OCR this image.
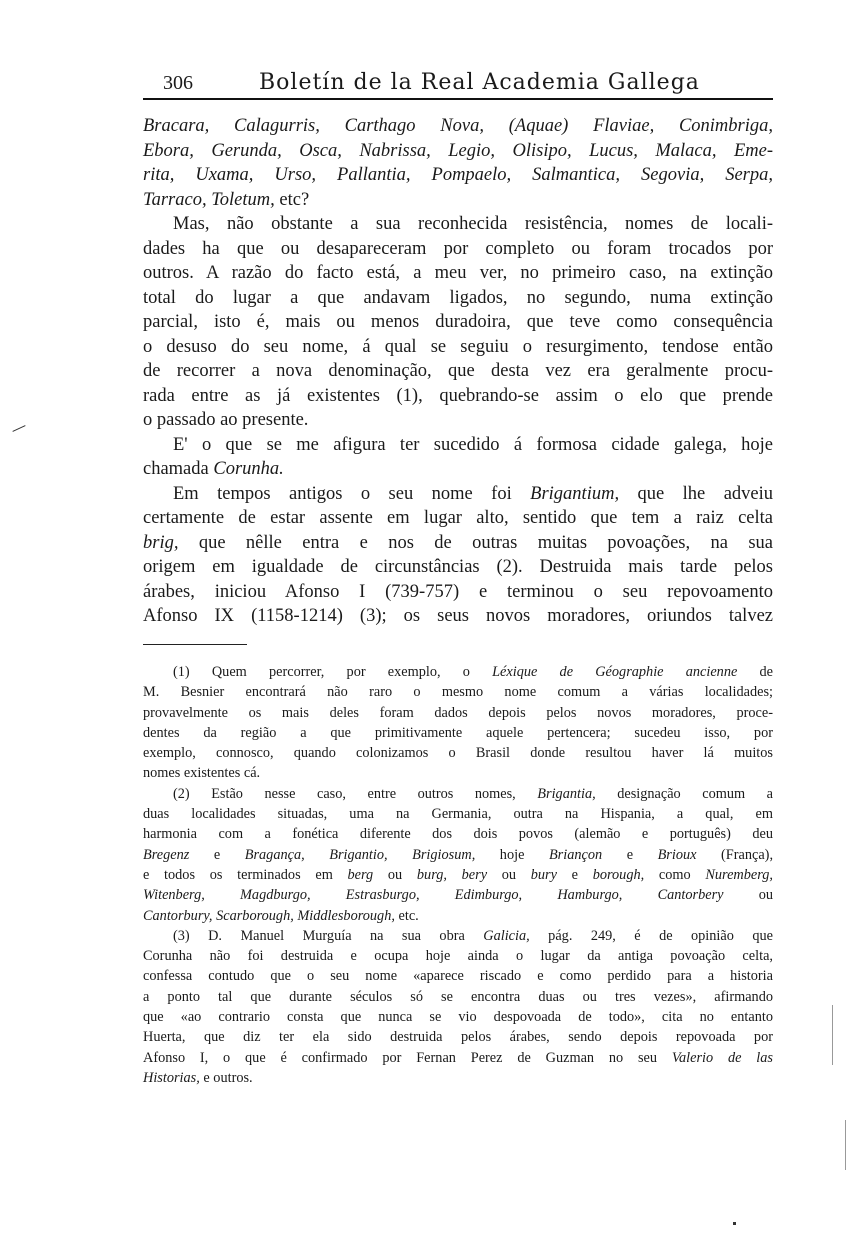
306	Boletín de la Real Academia Gallega
Bracara, Calagurris, Carthago Nova, (Aquae) Flaviae, Conimbriga,
Ebora, Gerunda, Osca, Nabrissa, Legio, Olisipo, Lucus, Malaca, Eme-
rita, Uxama, Urso, Pallantia, Pompaelo, Salmantica, Segovia, Serpa,
Tarraco, Toletum, etc?
Mas, não obstante a sua reconhecida resistência, nomes de locali-
dades ha que ou desapareceram por completo ou foram trocados por
outros. A razão do facto está, a meu ver, no primeiro caso, na extinção
total do lugar a que andavam ligados, no segundo, numa extinção
parcial, isto é, mais ou menos duradoira, que teve como consequência
o desuso do seu nome, á qual se seguiu o resurgimento, tendose então
de recorrer a nova denominação, que desta vez era geralmente procu-
rada entre as já existentes (1), quebrando-se assim o elo que prende
o passado ao presente.
E' o que se me afigura ter sucedido á formosa cidade galega, hoje
chamada Corunha.
Em tempos antigos o seu nome foi Brigantium, que lhe adveiu
certamente de estar assente em lugar alto, sentido que tem a raiz celta
brig, que nêlle entra e nos de outras muitas povoações, na sua
origem em igualdade de circunstâncias (2). Destruida mais tarde pelos
árabes, iniciou Afonso I (739-757) e terminou o seu repovoamento
Afonso IX (1158-1214) (3); os seus novos moradores, oriundos talvez
(1) Quem percorrer, por exemplo, o Léxique de Géographie ancienne de
M. Besnier encontrará não raro o mesmo nome comum a várias localidades;
provavelmente os mais deles foram dados depois pelos novos moradores, proce-
dentes da região a que primitivamente aquele pertencera; sucedeu isso, por
exemplo, connosco, quando colonizamos o Brasil donde resultou haver lá muitos
nomes existentes cá.
(2) Estão nesse caso, entre outros nomes, Brigantia, designação comum a
duas localidades situadas, uma na Germania, outra na Hispania, a qual, em
harmonia com a fonética diferente dos dois povos (alemão e português) deu
Bregenz e Bragança, Brigantio, Brigiosum, hoje Briançon e Brioux (França),
e todos os terminados em berg ou burg, bery ou bury e borough, como Nuremberg,
Witenberg, Magdburgo, Estrasburgo, Edimburgo, Hamburgo, Cantorbery ou
Cantorbury, Scarborough, Middlesborough, etc.
(3) D. Manuel Murguía na sua obra Galicia, pág. 249, é de opinião que
Corunha não foi destruida e ocupa hoje ainda o lugar da antiga povoação celta,
confessa contudo que o seu nome «aparece riscado e como perdido para a historia
a ponto tal que durante séculos só se encontra duas ou tres vezes», afirmando
que «ao contrario consta que nunca se vio despovoada de todo», cita no entanto
Huerta, que diz ter ela sido destruida pelos árabes, sendo depois repovoada por
Afonso I, o que é confirmado por Fernan Perez de Guzman no seu Valerio de las
Historias, e outros.
